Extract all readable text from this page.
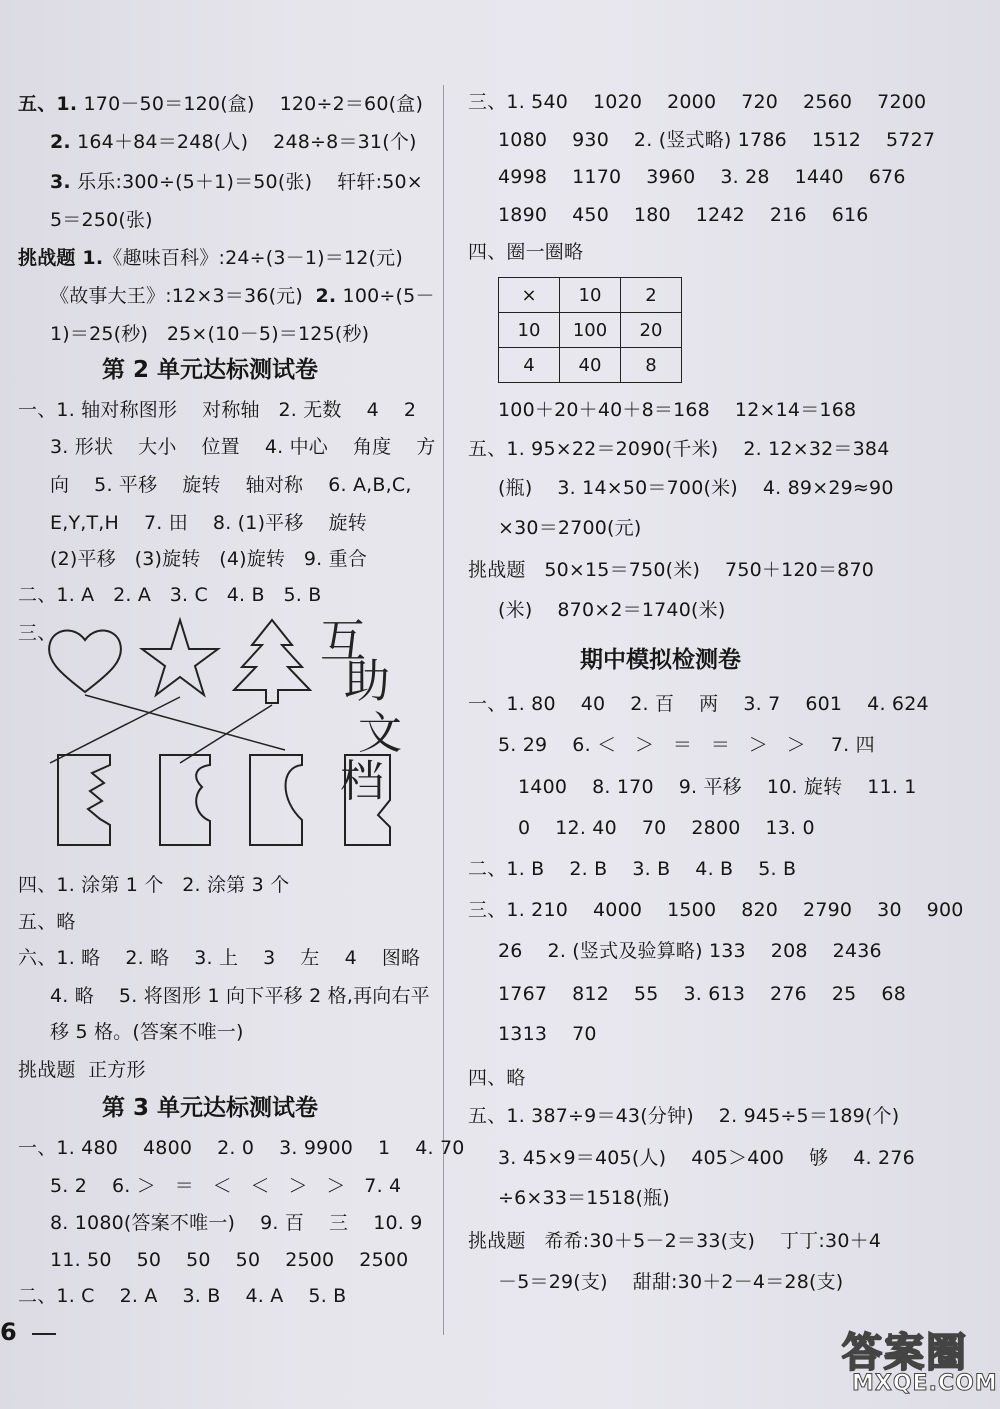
五、1. 170－50＝120(盒)    120÷2＝60(盒)
2. 164＋84＝248(人)    248÷8＝31(个)
3. 乐乐:300÷(5＋1)＝50(张)    轩轩:50×
5＝250(张)
挑战题 1.《趣味百科》:24÷(3－1)＝12(元)
《故事大王》:12×3＝36(元)  2. 100÷(5－
1)＝25(秒)   25×(10－5)＝125(秒)
第 2 单元达标测试卷
一、1. 轴对称图形    对称轴   2. 无数    4    2
3. 形状    大小    位置    4. 中心    角度    方
向    5. 平移    旋转    轴对称    6. A,B,C,
E,Y,T,H    7. 田    8. (1)平移    旋转
(2)平移   (3)旋转   (4)旋转   9. 重合
二、1. A   2. A   3. C   4. B   5. B
三、	互
助
文
档
四、1. 涂第 1 个   2. 涂第 3 个
五、略
六、1. 略    2. 略    3. 上    3    左    4    图略
4. 略    5. 将图形 1 向下平移 2 格,再向右平
移 5 格。(答案不唯一)
挑战题  正方形
第 3 单元达标测试卷
一、1. 480    4800    2. 0    3. 9900    1    4. 70
5. 2    6. ＞   ＝   ＜   ＜   ＞   ＞   7. 4
8. 1080(答案不唯一)    9. 百    三    10. 9
11. 50    50    50    50    2500    2500
二、1. C    2. A    3. B    4. A    5. B
三、1. 540    1020    2000    720    2560    7200
1080    930    2. (竖式略) 1786    1512    5727
4998    1170    3960    3. 28    1440    676
1890    450    180    1242    216    616
四、圈一圈略
×	10	2
10	100	20
4	40	8
100＋20＋40＋8＝168    12×14＝168
五、1. 95×22＝2090(千米)    2. 12×32＝384
(瓶)    3. 14×50＝700(米)    4. 89×29≈90
×30＝2700(元)
挑战题   50×15＝750(米)    750＋120＝870
(米)    870×2＝1740(米)
期中模拟检测卷
一、1. 80    40    2. 百    两    3. 7    601    4. 624
5. 29    6. ＜   ＞   ＝   ＝   ＞   ＞    7. 四
1400    8. 170    9. 平移    10. 旋转    11. 1
0    12. 40    70    2800    13. 0
二、1. B    2. B    3. B    4. B    5. B
三、1. 210    4000    1500    820    2790    30    900
26    2. (竖式及验算略) 133    208    2436
1767    812    55    3. 613    276    25    68
1313    70
四、略
五、1. 387÷9＝43(分钟)    2. 945÷5＝189(个)
3. 45×9＝405(人)    405＞400    够    4. 276
÷6×33＝1518(瓶)
挑战题   希希:30＋5－2＝33(支)    丁丁:30＋4
－5＝29(支)    甜甜:30＋2－4＝28(支)
6	答案圈
MXQE.COM
